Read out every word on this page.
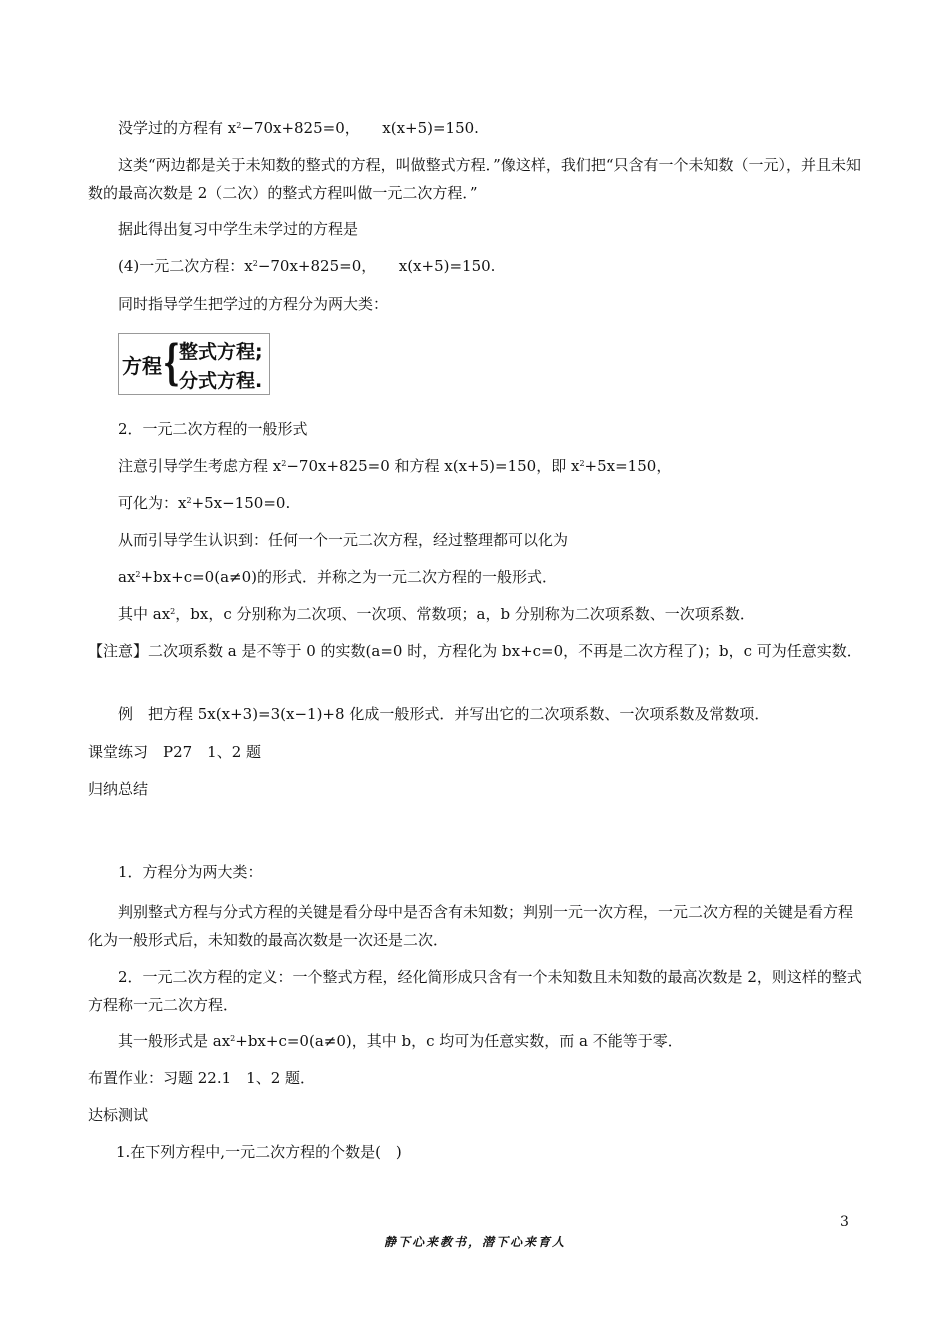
没学过的方程有 $x^2-70x+825=0$，　　x(x+5)=150.
这类“两边都是关于未知数的整式的方程，叫做整式方程．”像这样，我们把“只含有一个未知数（一元），并且未知数的最高次数是 2（二次）的整式方程叫做一元二次方程．”
据此得出复习中学生未学过的方程是
(4)一元二次方程：$x^2-70x+825=0$，　　x(x+5)=150.
同时指导学生把学过的方程分为两大类：
方程 { 整式方程;
分式方程.
2．一元二次方程的一般形式
注意引导学生考虑方程 $x^2-70x+825=0$ 和方程 x(x+5)=150，即 $x^2+5x=150$，
可化为：$x^2+5x-150=0$.
从而引导学生认识到：任何一个一元二次方程，经过整理都可以化为
$ax^2+bx+c=0(a\ne 0)$的形式．并称之为一元二次方程的一般形式．
其中 $ax^2$，bx，c 分别称为二次项、一次项、常数项；a，b 分别称为二次项系数、一次项系数．
【注意】二次项系数 a 是不等于 0 的实数(a=0 时，方程化为 bx+c=0，不再是二次方程了)；b，c 可为任意实数．
例　把方程 5x(x+3)=3(x−1)+8 化成一般形式．并写出它的二次项系数、一次项系数及常数项．
课堂练习　P27　1、2 题
归纳总结
1．方程分为两大类：
判别整式方程与分式方程的关键是看分母中是否含有未知数；判别一元一次方程，一元二次方程的关键是看方程化为一般形式后，未知数的最高次数是一次还是二次．
2．一元二次方程的定义：一个整式方程，经化简形成只含有一个未知数且未知数的最高次数是 2，则这样的整式方程称一元二次方程．
其一般形式是 $ax^2+bx+c=0(a\ne 0)$，其中 b，c 均可为任意实数，而 a 不能等于零．
布置作业：习题 22.1　1、2 题．
达标测试
1.在下列方程中,一元二次方程的个数是(　)
3
静下心来教书，潜下心来育人
